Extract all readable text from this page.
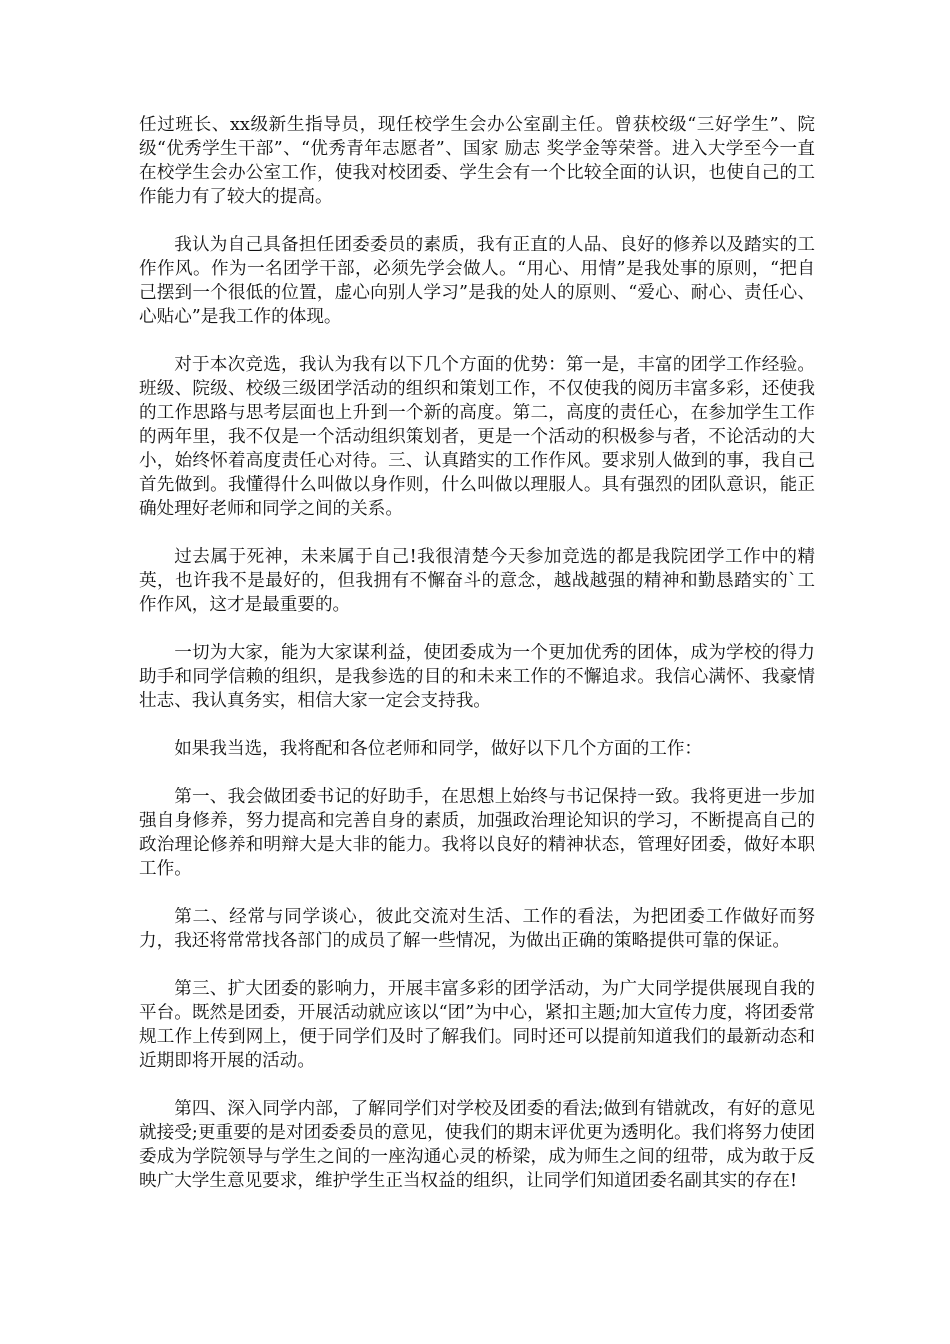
任过班长、xx级新生指导员，现任校学生会办公室副主任。曾获校级“三好学生”、院级“优秀学生干部”、“优秀青年志愿者”、国家 励志 奖学金等荣誉。进入大学至今一直在校学生会办公室工作，使我对校团委、学生会有一个比较全面的认识，也使自己的工作能力有了较大的提高。

我认为自己具备担任团委委员的素质，我有正直的人品、良好的修养以及踏实的工作作风。作为一名团学干部，必须先学会做人。“用心、用情”是我处事的原则，“把自己摆到一个很低的位置，虚心向别人学习”是我的处人的原则、“爱心、耐心、责任心、心贴心”是我工作的体现。

对于本次竞选，我认为我有以下几个方面的优势：第一是，丰富的团学工作经验。班级、院级、校级三级团学活动的组织和策划工作，不仅使我的阅历丰富多彩，还使我的工作思路与思考层面也上升到一个新的高度。第二，高度的责任心，在参加学生工作的两年里，我不仅是一个活动组织策划者，更是一个活动的积极参与者，不论活动的大小，始终怀着高度责任心对待。三、认真踏实的工作作风。要求别人做到的事，我自己首先做到。我懂得什么叫做以身作则，什么叫做以理服人。具有强烈的团队意识，能正确处理好老师和同学之间的关系。

过去属于死神，未来属于自己!我很清楚今天参加竞选的都是我院团学工作中的精英，也许我不是最好的，但我拥有不懈奋斗的意念，越战越强的精神和勤恳踏实的`工作作风，这才是最重要的。

一切为大家，能为大家谋利益，使团委成为一个更加优秀的团体，成为学校的得力助手和同学信赖的组织，是我参选的目的和未来工作的不懈追求。我信心满怀、我豪情壮志、我认真务实，相信大家一定会支持我。

如果我当选，我将配和各位老师和同学，做好以下几个方面的工作：

第一、我会做团委书记的好助手，在思想上始终与书记保持一致。我将更进一步加强自身修养，努力提高和完善自身的素质，加强政治理论知识的学习，不断提高自己的政治理论修养和明辩大是大非的能力。我将以良好的精神状态，管理好团委，做好本职工作。

第二、经常与同学谈心，彼此交流对生活、工作的看法，为把团委工作做好而努力，我还将常常找各部门的成员了解一些情况，为做出正确的策略提供可靠的保证。

第三、扩大团委的影响力，开展丰富多彩的团学活动，为广大同学提供展现自我的平台。既然是团委，开展活动就应该以“团”为中心，紧扣主题;加大宣传力度，将团委常规工作上传到网上，便于同学们及时了解我们。同时还可以提前知道我们的最新动态和近期即将开展的活动。

第四、深入同学内部，了解同学们对学校及团委的看法;做到有错就改，有好的意见就接受;更重要的是对团委委员的意见，使我们的期末评优更为透明化。我们将努力使团委成为学院领导与学生之间的一座沟通心灵的桥梁，成为师生之间的纽带，成为敢于反映广大学生意见要求，维护学生正当权益的组织，让同学们知道团委名副其实的存在!
